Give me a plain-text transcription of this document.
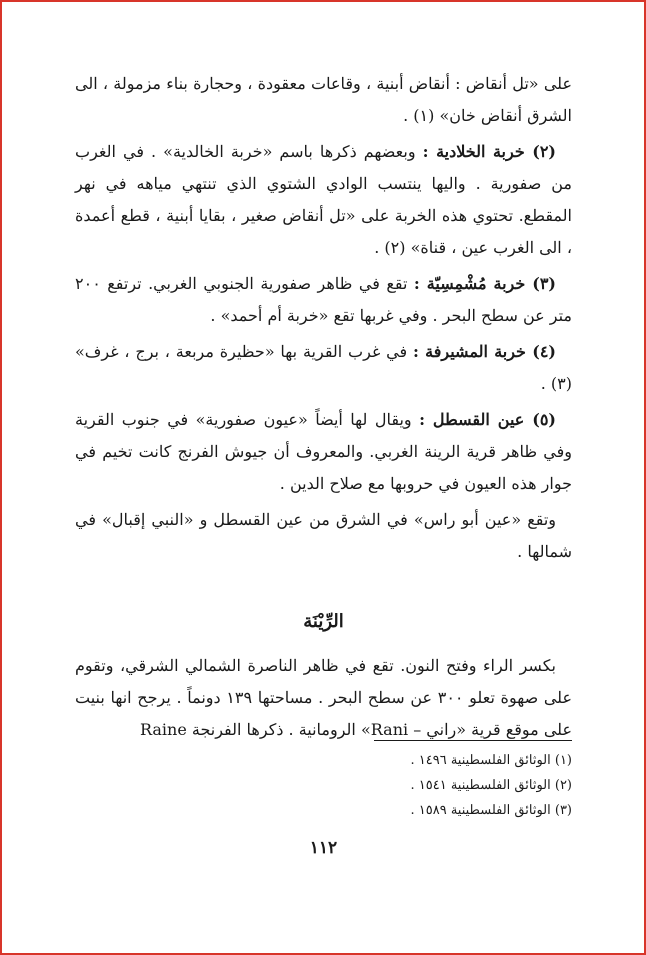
على «تل أنقاض : أنقاض أبنية ، وقاعات معقودة ، وحجارة بناء مزمولة ، الى الشرق أنقاض خان» (١) .

(٢) خربة الخلادية : وبعضهم ذكرها باسم «خربة الخالدية» . في الغرب من صفورية . واليها ينتسب الوادي الشتوي الذي تنتهي مياهه في نهر المقطع. تحتوي هذه الخربة على «تل أنقاض صغير ، بقايا أبنية ، قطع أعمدة ، الى الغرب عين ، قناة» (٢) .

(٣) خربة مُشْمِسِيّة : تقع في ظاهر صفورية الجنوبي الغربي. ترتفع ٢٠٠ متر عن سطح البحر . وفي غربها تقع «خربة أم أحمد» .

(٤) خربة المشيرفة : في غرب القرية بها «حظيرة مربعة ، برج ، غرف» (٣) .

(٥) عين القسطل : ويقال لها أيضاً «عيون صفورية» في جنوب القرية وفي ظاهر قرية الرينة الغربي. والمعروف أن جيوش الفرنج كانت تخيم في جوار هذه العيون في حروبها مع صلاح الدين .

وتقع «عين أبو راس» في الشرق من عين القسطل و «النبي إقبال» في شمالها .

الرِّيْنَة

بكسر الراء وفتح النون. تقع في ظاهر الناصرة الشمالي الشرقي، وتقوم على صهوة تعلو ٣٠٠ عن سطح البحر . مساحتها ١٣٩ دونماً . يرجح انها بنيت على موقع قرية «راني – Rani» الرومانية . ذكرها الفرنجة Raine

(١) الوثائق الفلسطينية ١٤٩٦ .
(٢) الوثائق الفلسطينية ١٥٤١ .
(٣) الوثائق الفلسطينية ١٥٨٩ .
١١٢
